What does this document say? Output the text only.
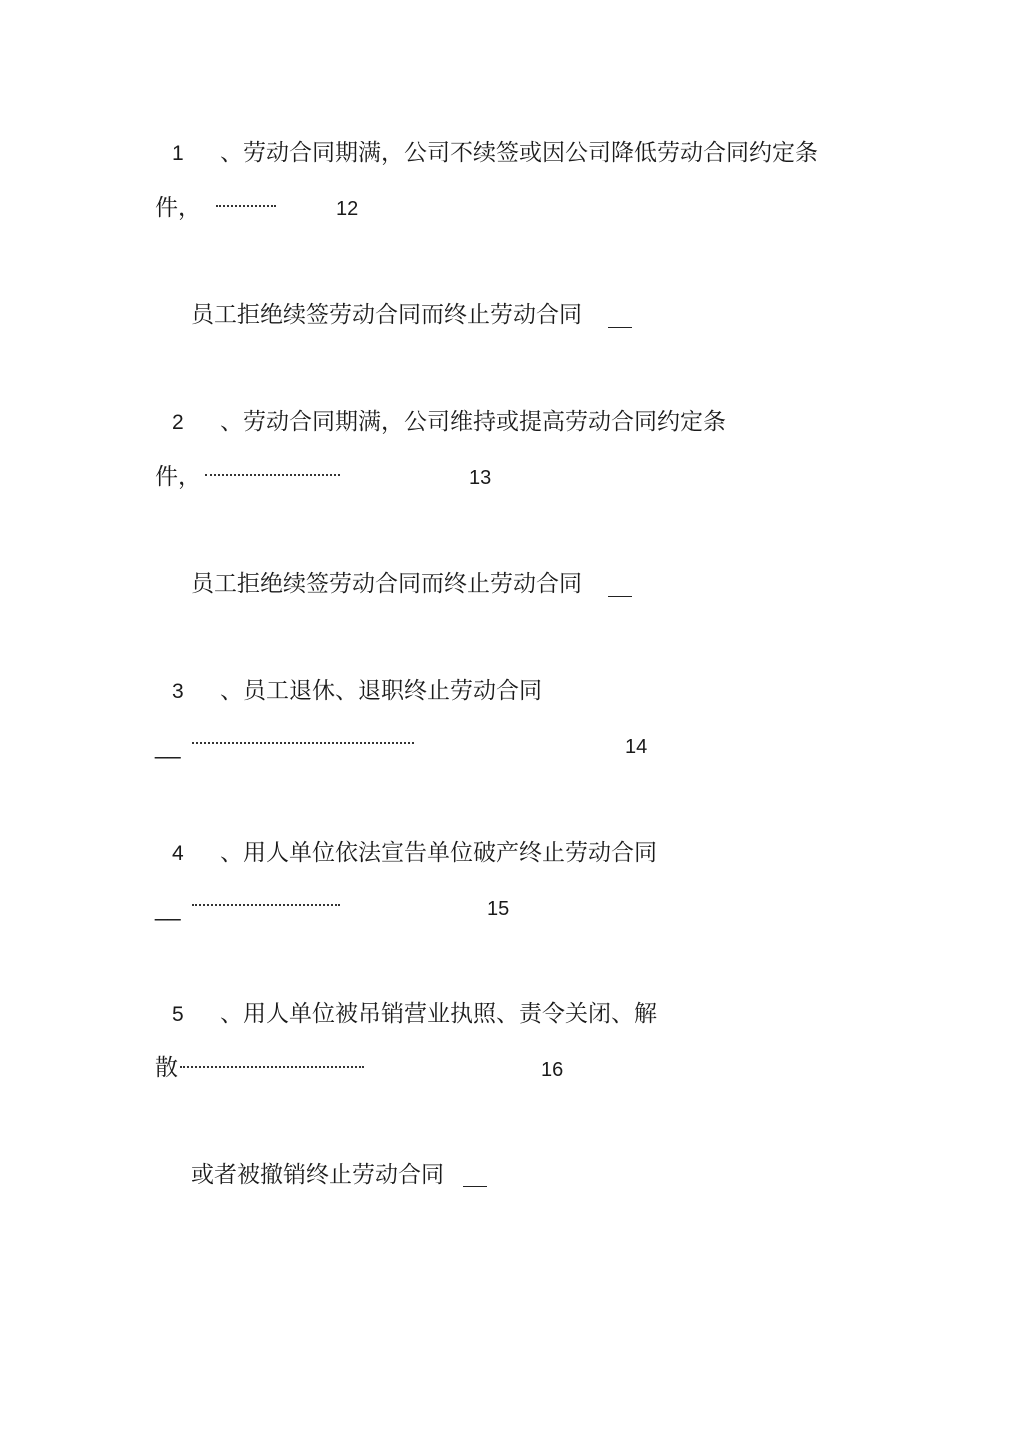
1 、劳动合同期满，公司不续签或因公司降低劳动合同约定条
件，	12
员工拒绝续签劳动合同而终止劳动合同
2 、劳动合同期满，公司维持或提高劳动合同约定条
件，	13
员工拒绝续签劳动合同而终止劳动合同
3 、员工退休、退职终止劳动合同
__	14
4 、用人单位依法宣告单位破产终止劳动合同
__	15
5 、用人单位被吊销营业执照、责令关闭、解
散	16
或者被撤销终止劳动合同
